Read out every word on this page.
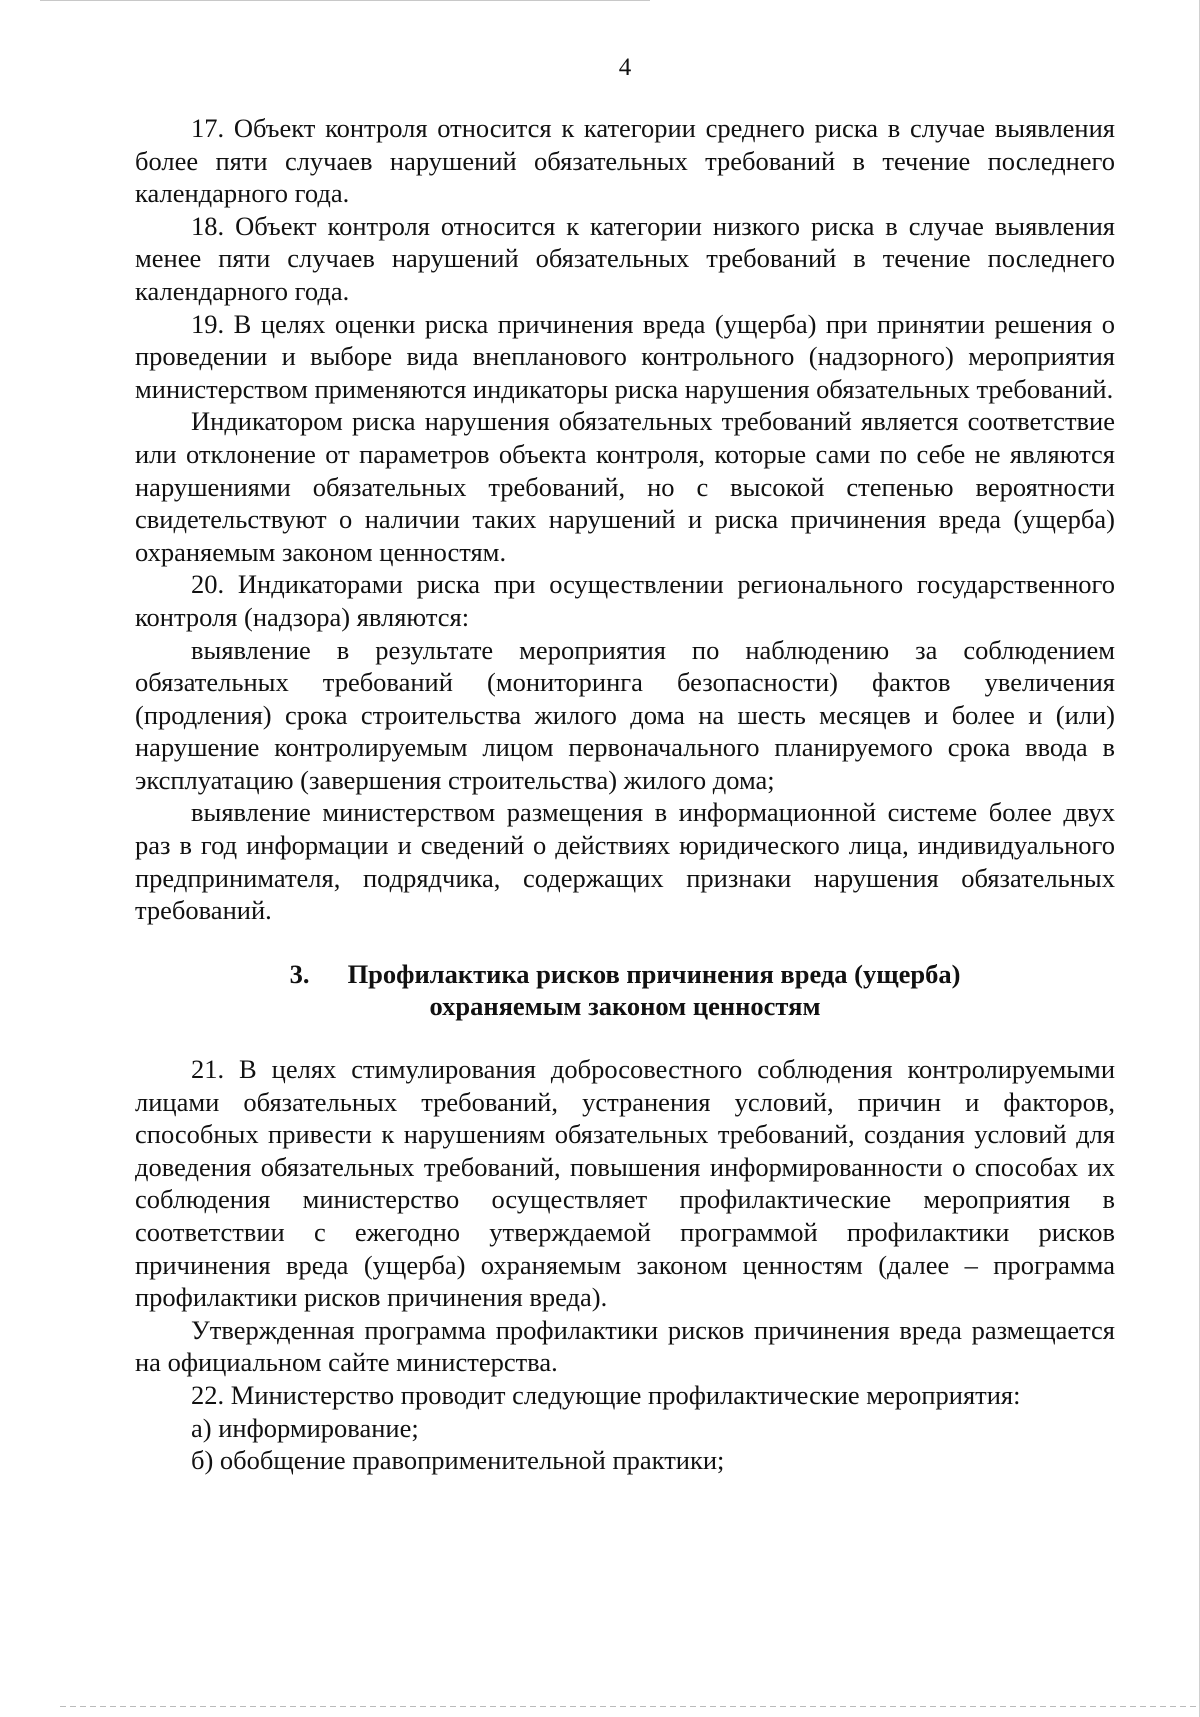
4

17. Объект контроля относится к категории среднего риска в случае выявления более пяти случаев нарушений обязательных требований в течение последнего календарного года.

18. Объект контроля относится к категории низкого риска в случае выявления менее пяти случаев нарушений обязательных требований в течение последнего календарного года.

19. В целях оценки риска причинения вреда (ущерба) при принятии решения о проведении и выборе вида внепланового контрольного (надзорного) мероприятия министерством применяются индикаторы риска нарушения обязательных требований.

Индикатором риска нарушения обязательных требований является соответствие или отклонение от параметров объекта контроля, которые сами по себе не являются нарушениями обязательных требований, но с высокой степенью вероятности свидетельствуют о наличии таких нарушений и риска причинения вреда (ущерба) охраняемым законом ценностям.

20. Индикаторами риска при осуществлении регионального государственного контроля (надзора) являются:

выявление в результате мероприятия по наблюдению за соблюдением обязательных требований (мониторинга безопасности) фактов увеличения (продления) срока строительства жилого дома на шесть месяцев и более и (или) нарушение контролируемым лицом первоначального планируемого срока ввода в эксплуатацию (завершения строительства) жилого дома;

выявление министерством размещения в информационной системе более двух раз в год информации и сведений о действиях юридического лица, индивидуального предпринимателя, подрядчика, содержащих признаки нарушения обязательных требований.

3. Профилактика рисков причинения вреда (ущерба)
охраняемым законом ценностям

21. В целях стимулирования добросовестного соблюдения контролируемыми лицами обязательных требований, устранения условий, причин и факторов, способных привести к нарушениям обязательных требований, создания условий для доведения обязательных требований, повышения информированности о способах их соблюдения министерство осуществляет профилактические мероприятия в соответствии с ежегодно утверждаемой программой профилактики рисков причинения вреда (ущерба) охраняемым законом ценностям (далее – программа профилактики рисков причинения вреда).

Утвержденная программа профилактики рисков причинения вреда размещается на официальном сайте министерства.

22. Министерство проводит следующие профилактические мероприятия:

а) информирование;

б) обобщение правоприменительной практики;
